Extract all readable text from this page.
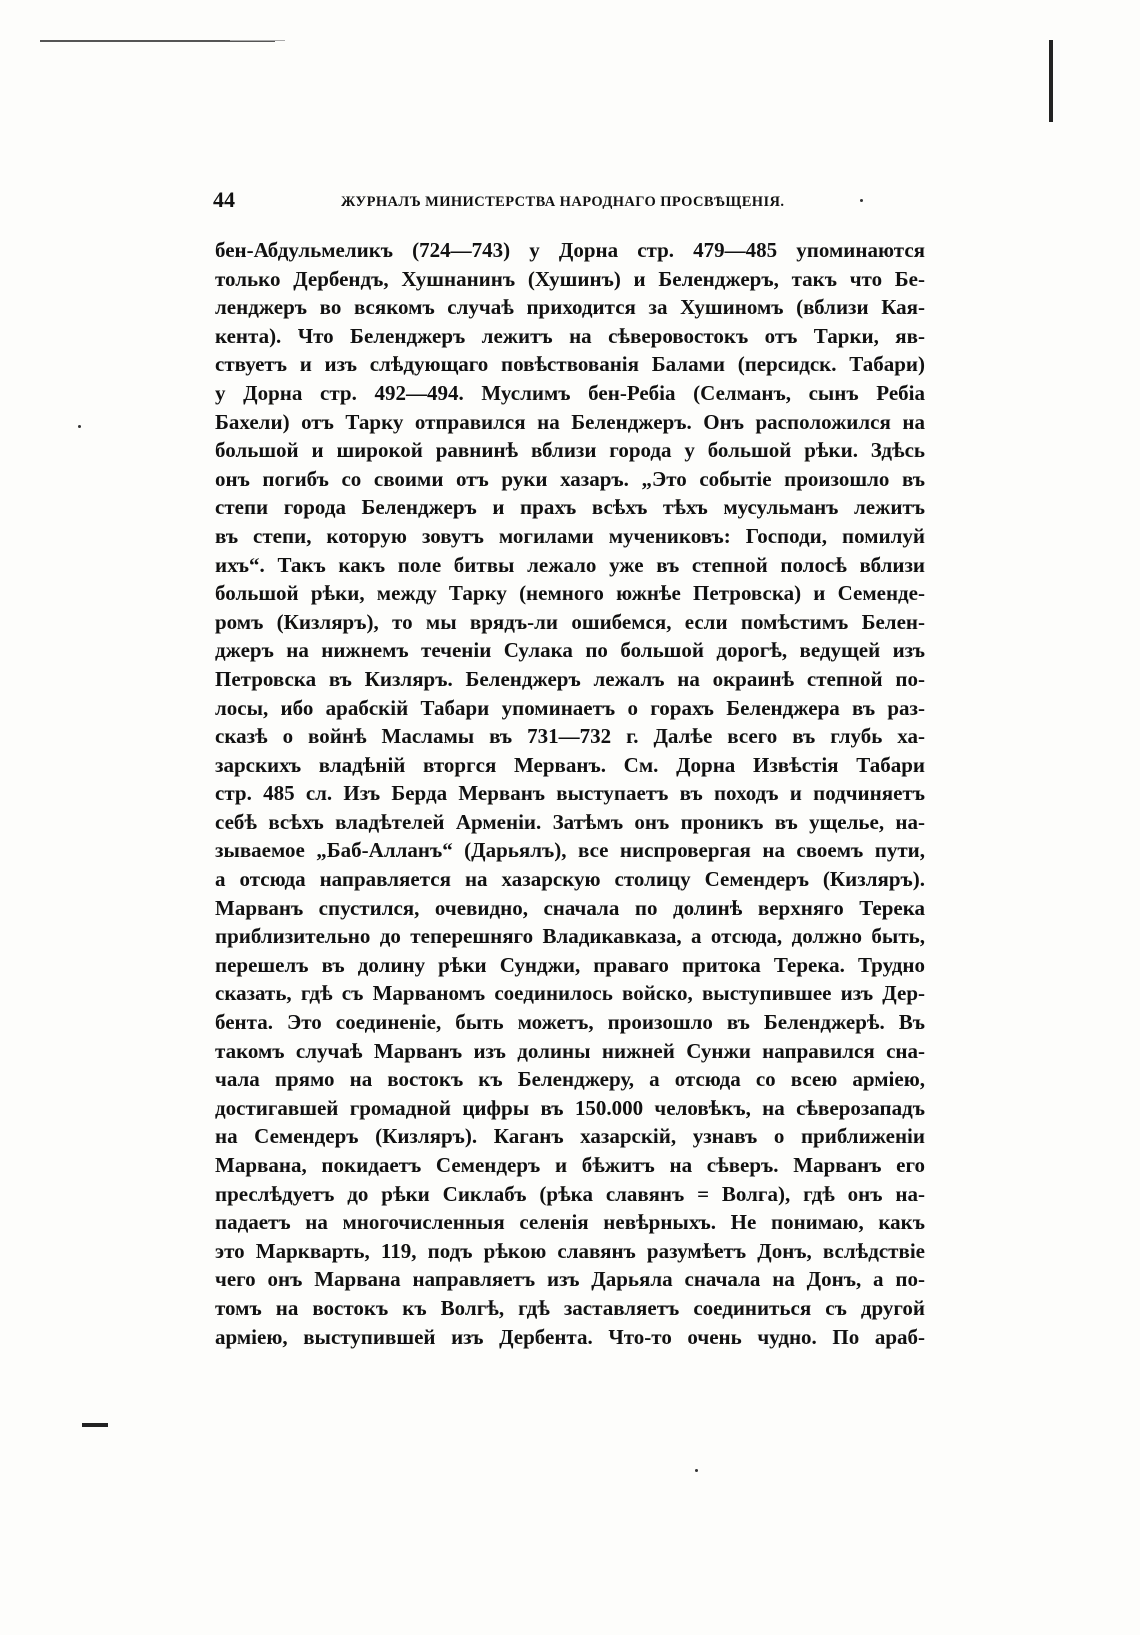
44	ЖУРНАЛЪ МИНИСТЕРСТВА НАРОДНАГО ПРОСВѢЩЕНІЯ.
бен-Абдульмеликъ (724—743) у Дорна стр. 479—485 упоминаются
только Дербендъ, Хушнанинъ (Хушинъ) и Беленджеръ, такъ что Бе-
ленджеръ во всякомъ случаѣ приходится за Хушиномъ (вблизи Кая-
кента). Что Беленджеръ лежитъ на сѣверовостокъ отъ Тарки, яв-
ствуетъ и изъ слѣдующаго повѣствованія Балами (персидск. Табари)
у Дорна стр. 492—494. Муслимъ бен-Ребіа (Селманъ, сынъ Ребіа
Бахели) отъ Тарку отправился на Беленджеръ. Онъ расположился на
большой и широкой равнинѣ вблизи города у большой рѣки. Здѣсь
онъ погибъ со своими отъ руки хазаръ. „Это событіе произошло въ
степи города Беленджеръ и прахъ всѣхъ тѣхъ мусульманъ лежитъ
въ степи, которую зовутъ могилами мучениковъ: Господи, помилуй
ихъ“. Такъ какъ поле битвы лежало уже въ степной полосѣ вблизи
большой рѣки, между Тарку (немного южнѣе Петровска) и Семенде-
ромъ (Кизляръ), то мы врядъ-ли ошибемся, если помѣстимъ Белен-
джеръ на нижнемъ теченіи Сулака по большой дорогѣ, ведущей изъ
Петровска въ Кизляръ. Беленджеръ лежалъ на окраинѣ степной по-
лосы, ибо арабскій Табари упоминаетъ о горахъ Беленджера въ раз-
сказѣ о войнѣ Масламы въ 731—732 г. Далѣе всего въ глубь ха-
зарскихъ владѣній вторгся Мерванъ. См. Дорна Извѣстія Табари
стр. 485 сл. Изъ Берда Мерванъ выступаетъ въ походъ и подчиняетъ
себѣ всѣхъ владѣтелей Арменіи. Затѣмъ онъ проникъ въ ущелье, на-
зываемое „Баб-Алланъ“ (Дарьялъ), все ниспровергая на своемъ пути,
а отсюда направляется на хазарскую столицу Семендеръ (Кизляръ).
Марванъ спустился, очевидно, сначала по долинѣ верхняго Терека
приблизительно до теперешняго Владикавказа, а отсюда, должно быть,
перешелъ въ долину рѣки Сунджи, праваго притока Терека. Трудно
сказать, гдѣ съ Марваномъ соединилось войско, выступившее изъ Дер-
бента. Это соединеніе, быть можетъ, произошло въ Беленджерѣ. Въ
такомъ случаѣ Марванъ изъ долины нижней Сунжи направился сна-
чала прямо на востокъ къ Беленджеру, а отсюда со всею арміею,
достигавшей громадной цифры въ 150.000 человѣкъ, на сѣверозападъ
на Семендеръ (Кизляръ). Каганъ хазарскій, узнавъ о приближеніи
Марвана, покидаетъ Семендеръ и бѣжитъ на сѣверъ. Марванъ его
преслѣдуетъ до рѣки Сиклабъ (рѣка славянъ = Волга), гдѣ онъ на-
падаетъ на многочисленныя селенія невѣрныхъ. Не понимаю, какъ
это Маркварть, 119, подъ рѣкою славянъ разумѣетъ Донъ, вслѣдствіе
чего онъ Марвана направляетъ изъ Дарьяла сначала на Донъ, а по-
томъ на востокъ къ Волгѣ, гдѣ заставляетъ соединиться съ другой
арміею, выступившей изъ Дербента. Что-то очень чудно. По араб-
